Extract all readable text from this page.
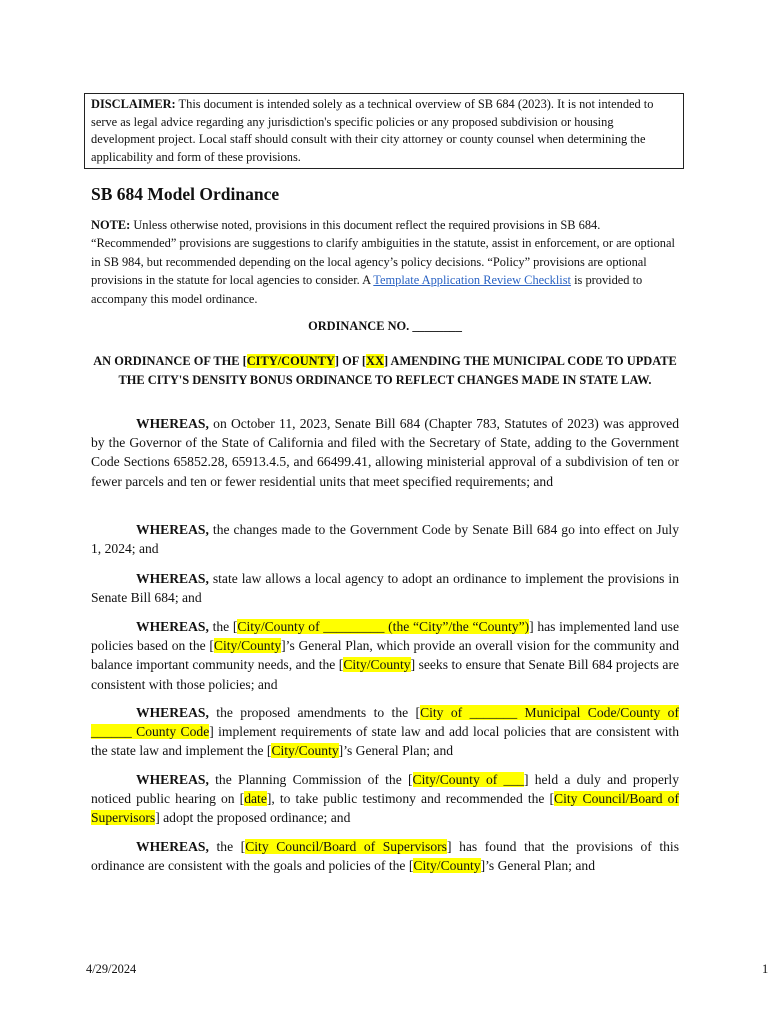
DISCLAIMER: This document is intended solely as a technical overview of SB 684 (2023). It is not intended to serve as legal advice regarding any jurisdiction's specific policies or any proposed subdivision or housing development project. Local staff should consult with their city attorney or county counsel when determining the applicability and form of these provisions.
SB 684 Model Ordinance

NOTE: Unless otherwise noted, provisions in this document reflect the required provisions in SB 684. “Recommended” provisions are suggestions to clarify ambiguities in the statute, assist in enforcement, or are optional in SB 984, but recommended depending on the local agency’s policy decisions. “Policy” provisions are optional provisions in the statute for local agencies to consider. A Template Application Review Checklist is provided to accompany this model ordinance.

ORDINANCE NO. ________

AN ORDINANCE OF THE [CITY/COUNTY] OF [XX] AMENDING THE MUNICIPAL CODE TO UPDATE THE CITY'S DENSITY BONUS ORDINANCE TO REFLECT CHANGES MADE IN STATE LAW.

WHEREAS, on October 11, 2023, Senate Bill 684 (Chapter 783, Statutes of 2023) was approved by the Governor of the State of California and filed with the Secretary of State, adding to the Government Code Sections 65852.28, 65913.4.5, and 66499.41, allowing ministerial approval of a subdivision of ten or fewer parcels and ten or fewer residential units that meet specified requirements; and

WHEREAS, the changes made to the Government Code by Senate Bill 684 go into effect on July 1, 2024; and

WHEREAS, state law allows a local agency to adopt an ordinance to implement the provisions in Senate Bill 684; and

WHEREAS, the [City/County of _________ (the “City”/the “County”)] has implemented land use policies based on the [City/County]’s General Plan, which provide an overall vision for the community and balance important community needs, and the [City/County] seeks to ensure that Senate Bill 684 projects are consistent with those policies; and

WHEREAS, the proposed amendments to the [City of _______ Municipal Code/County of ______ County Code] implement requirements of state law and add local policies that are consistent with the state law and implement the [City/County]’s General Plan; and

WHEREAS, the Planning Commission of the [City/County of ___] held a duly and properly noticed public hearing on [date], to take public testimony and recommended the [City Council/Board of Supervisors] adopt the proposed ordinance; and

WHEREAS, the [City Council/Board of Supervisors] has found that the provisions of this ordinance are consistent with the goals and policies of the [City/County]’s General Plan; and

4/29/2024	1
